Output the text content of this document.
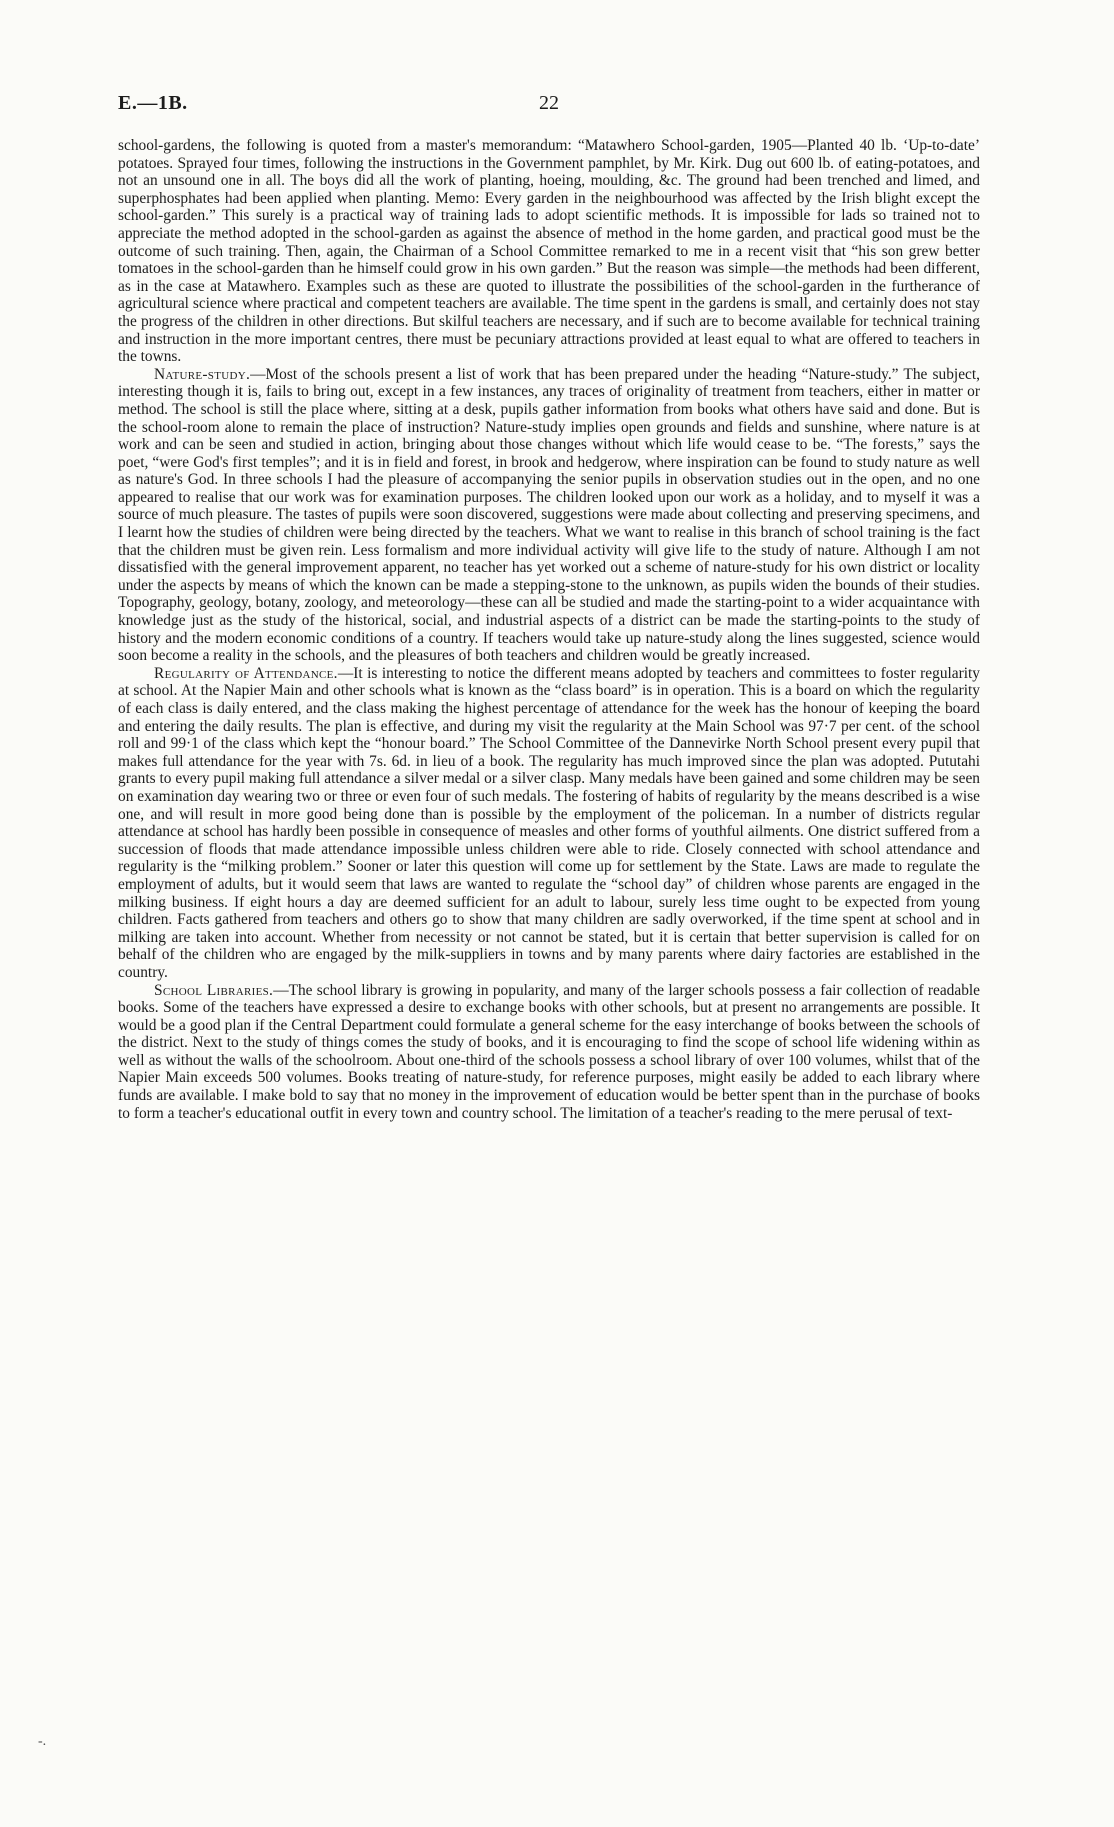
E.—1B.	22

school-gardens, the following is quoted from a master's memorandum: “Matawhero School-garden, 1905—Planted 40 lb. ‘Up-to-date’ potatoes. Sprayed four times, following the instructions in the Government pamphlet, by Mr. Kirk. Dug out 600 lb. of eating-potatoes, and not an unsound one in all. The boys did all the work of planting, hoeing, moulding, &c. The ground had been trenched and limed, and superphosphates had been applied when planting. Memo: Every garden in the neighbourhood was affected by the Irish blight except the school-garden.” This surely is a practical way of training lads to adopt scientific methods. It is impossible for lads so trained not to appreciate the method adopted in the school-garden as against the absence of method in the home garden, and practical good must be the outcome of such training. Then, again, the Chairman of a School Committee remarked to me in a recent visit that “his son grew better tomatoes in the school-garden than he himself could grow in his own garden.” But the reason was simple—the methods had been different, as in the case at Matawhero. Examples such as these are quoted to illustrate the possibilities of the school-garden in the furtherance of agricultural science where practical and competent teachers are available. The time spent in the gardens is small, and certainly does not stay the progress of the children in other directions. But skilful teachers are necessary, and if such are to become available for technical training and instruction in the more important centres, there must be pecuniary attractions provided at least equal to what are offered to teachers in the towns.

Nature-study.—Most of the schools present a list of work that has been prepared under the heading “Nature-study.” The subject, interesting though it is, fails to bring out, except in a few instances, any traces of originality of treatment from teachers, either in matter or method. The school is still the place where, sitting at a desk, pupils gather information from books what others have said and done. But is the school-room alone to remain the place of instruction? Nature-study implies open grounds and fields and sunshine, where nature is at work and can be seen and studied in action, bringing about those changes without which life would cease to be. “The forests,” says the poet, “were God's first temples”; and it is in field and forest, in brook and hedgerow, where inspiration can be found to study nature as well as nature's God. In three schools I had the pleasure of accompanying the senior pupils in observation studies out in the open, and no one appeared to realise that our work was for examination purposes. The children looked upon our work as a holiday, and to myself it was a source of much pleasure. The tastes of pupils were soon discovered, suggestions were made about collecting and preserving specimens, and I learnt how the studies of children were being directed by the teachers. What we want to realise in this branch of school training is the fact that the children must be given rein. Less formalism and more individual activity will give life to the study of nature. Although I am not dissatisfied with the general improvement apparent, no teacher has yet worked out a scheme of nature-study for his own district or locality under the aspects by means of which the known can be made a stepping-stone to the unknown, as pupils widen the bounds of their studies. Topography, geology, botany, zoology, and meteorology—these can all be studied and made the starting-point to a wider acquaintance with knowledge just as the study of the historical, social, and industrial aspects of a district can be made the starting-points to the study of history and the modern economic conditions of a country. If teachers would take up nature-study along the lines suggested, science would soon become a reality in the schools, and the pleasures of both teachers and children would be greatly increased.

Regularity of Attendance.—It is interesting to notice the different means adopted by teachers and committees to foster regularity at school. At the Napier Main and other schools what is known as the “class board” is in operation. This is a board on which the regularity of each class is daily entered, and the class making the highest percentage of attendance for the week has the honour of keeping the board and entering the daily results. The plan is effective, and during my visit the regularity at the Main School was 97·7 per cent. of the school roll and 99·1 of the class which kept the “honour board.” The School Committee of the Dannevirke North School present every pupil that makes full attendance for the year with 7s. 6d. in lieu of a book. The regularity has much improved since the plan was adopted. Pututahi grants to every pupil making full attendance a silver medal or a silver clasp. Many medals have been gained and some children may be seen on examination day wearing two or three or even four of such medals. The fostering of habits of regularity by the means described is a wise one, and will result in more good being done than is possible by the employment of the policeman. In a number of districts regular attendance at school has hardly been possible in consequence of measles and other forms of youthful ailments. One district suffered from a succession of floods that made attendance impossible unless children were able to ride. Closely connected with school attendance and regularity is the “milking problem.” Sooner or later this question will come up for settlement by the State. Laws are made to regulate the employment of adults, but it would seem that laws are wanted to regulate the “school day” of children whose parents are engaged in the milking business. If eight hours a day are deemed sufficient for an adult to labour, surely less time ought to be expected from young children. Facts gathered from teachers and others go to show that many children are sadly overworked, if the time spent at school and in milking are taken into account. Whether from necessity or not cannot be stated, but it is certain that better supervision is called for on behalf of the children who are engaged by the milk-suppliers in towns and by many parents where dairy factories are established in the country.

School Libraries.—The school library is growing in popularity, and many of the larger schools possess a fair collection of readable books. Some of the teachers have expressed a desire to exchange books with other schools, but at present no arrangements are possible. It would be a good plan if the Central Department could formulate a general scheme for the easy interchange of books between the schools of the district. Next to the study of things comes the study of books, and it is encouraging to find the scope of school life widening within as well as without the walls of the schoolroom. About one-third of the schools possess a school library of over 100 volumes, whilst that of the Napier Main exceeds 500 volumes. Books treating of nature-study, for reference purposes, might easily be added to each library where funds are available. I make bold to say that no money in the improvement of education would be better spent than in the purchase of books to form a teacher's educational outfit in every town and country school. The limitation of a teacher's reading to the mere perusal of text-

-.
